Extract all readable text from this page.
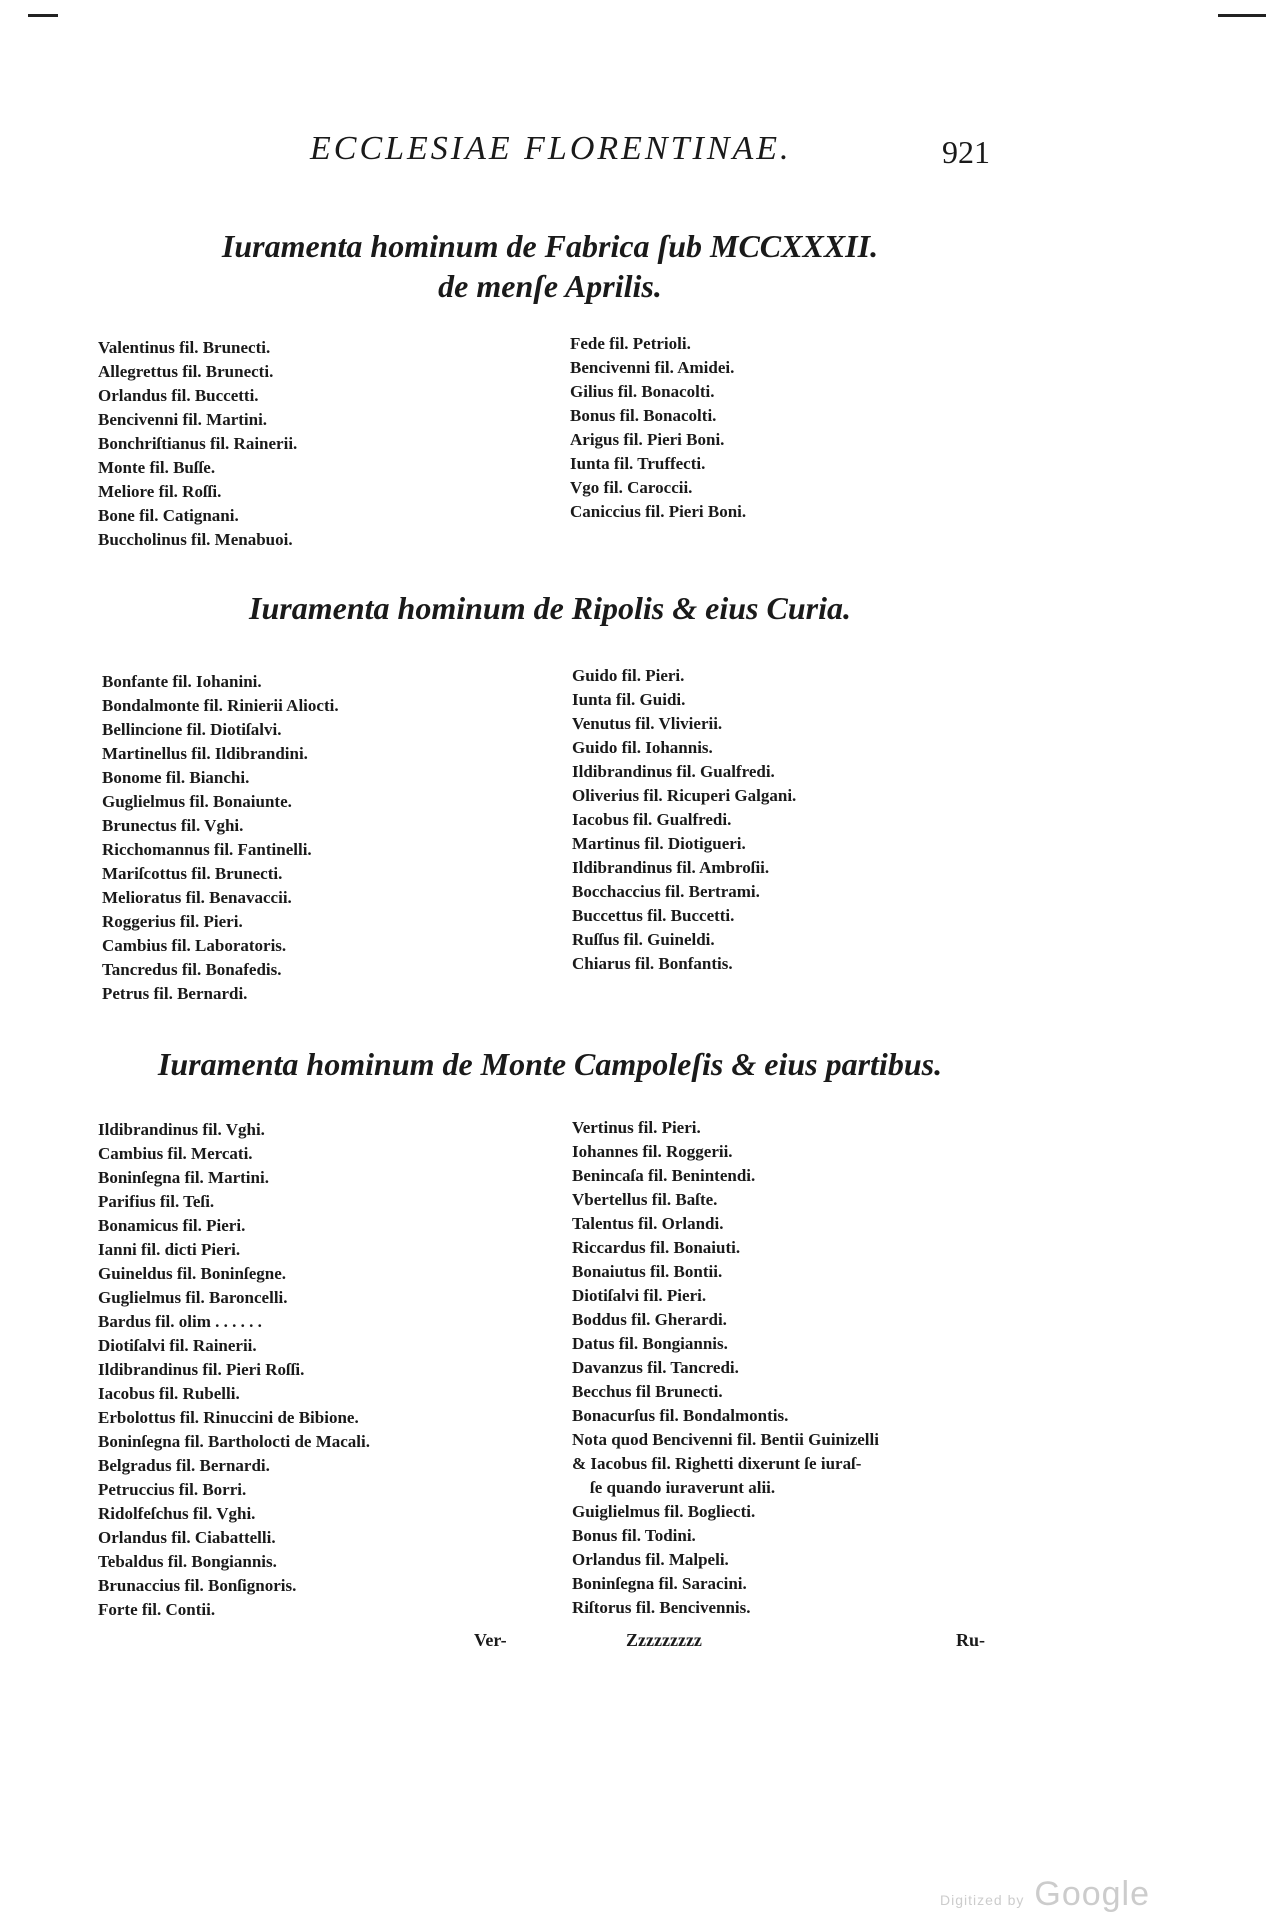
ECCLESIAE FLORENTINAE.	921
Iuramenta hominum de Fabrica ſub MCCXXXII.
de menſe Aprilis.
Valentinus fil. Brunecti.
Allegrettus fil. Brunecti.
Orlandus fil. Buccetti.
Bencivenni fil. Martini.
Bonchriſtianus fil. Rainerii.
Monte fil. Buſſe.
Meliore fil. Roſſi.
Bone fil. Catignani.
Buccholinus fil. Menabuoi.
Fede fil. Petrioli.
Bencivenni fil. Amidei.
Gilius fil. Bonacolti.
Bonus fil. Bonacolti.
Arigus fil. Pieri Boni.
Iunta fil. Truffecti.
Vgo fil. Caroccii.
Caniccius fil. Pieri Boni.
Iuramenta hominum de Ripolis & eius Curia.
Bonfante fil. Iohanini.
Bondalmonte fil. Rinierii Aliocti.
Bellincione fil. Diotiſalvi.
Martinellus fil. Ildibrandini.
Bonome fil. Bianchi.
Guglielmus fil. Bonaiunte.
Brunectus fil. Vghi.
Ricchomannus fil. Fantinelli.
Mariſcottus fil. Brunecti.
Melioratus fil. Benavaccii.
Roggerius fil. Pieri.
Cambius fil. Laboratoris.
Tancredus fil. Bonafedis.
Petrus fil. Bernardi.
Guido fil. Pieri.
Iunta fil. Guidi.
Venutus fil. Vlivierii.
Guido fil. Iohannis.
Ildibrandinus fil. Gualfredi.
Oliverius fil. Ricuperi Galgani.
Iacobus fil. Gualfredi.
Martinus fil. Diotigueri.
Ildibrandinus fil. Ambroſii.
Bocchaccius fil. Bertrami.
Buccettus fil. Buccetti.
Ruſſus fil. Guineldi.
Chiarus fil. Bonfantis.
Iuramenta hominum de Monte Campoleſis & eius partibus.
Ildibrandinus fil. Vghi.
Cambius fil. Mercati.
Boninſegna fil. Martini.
Parifius fil. Teſi.
Bonamicus fil. Pieri.
Ianni fil. dicti Pieri.
Guineldus fil. Boninſegne.
Guglielmus fil. Baroncelli.
Bardus fil. olim . . . . . .
Diotiſalvi fil. Rainerii.
Ildibrandinus fil. Pieri Roſſi.
Iacobus fil. Rubelli.
Erbolottus fil. Rinuccini de Bibione.
Boninſegna fil. Bartholocti de Macali.
Belgradus fil. Bernardi.
Petruccius fil. Borri.
Ridolfeſchus fil. Vghi.
Orlandus fil. Ciabattelli.
Tebaldus fil. Bongiannis.
Brunaccius fil. Bonſignoris.
Forte fil. Contii.
Vertinus fil. Pieri.
Iohannes fil. Roggerii.
Benincaſa fil. Benintendi.
Vbertellus fil. Baſte.
Talentus fil. Orlandi.
Riccardus fil. Bonaiuti.
Bonaiutus fil. Bontii.
Diotiſalvi fil. Pieri.
Boddus fil. Gherardi.
Datus fil. Bongiannis.
Davanzus fil. Tancredi.
Becchus fil Brunecti.
Bonacurſus fil. Bondalmontis.
Nota quod Bencivenni fil. Bentii Guinizelli
& Iacobus fil. Righetti dixerunt ſe iuraſ-
ſe quando iuraverunt alii.
Guiglielmus fil. Bogliecti.
Bonus fil. Todini.
Orlandus fil. Malpeli.
Boninſegna fil. Saracini.
Riſtorus fil. Bencivennis.
Ver-	Zzzzzzzzz	Ru-
Digitized by Google
